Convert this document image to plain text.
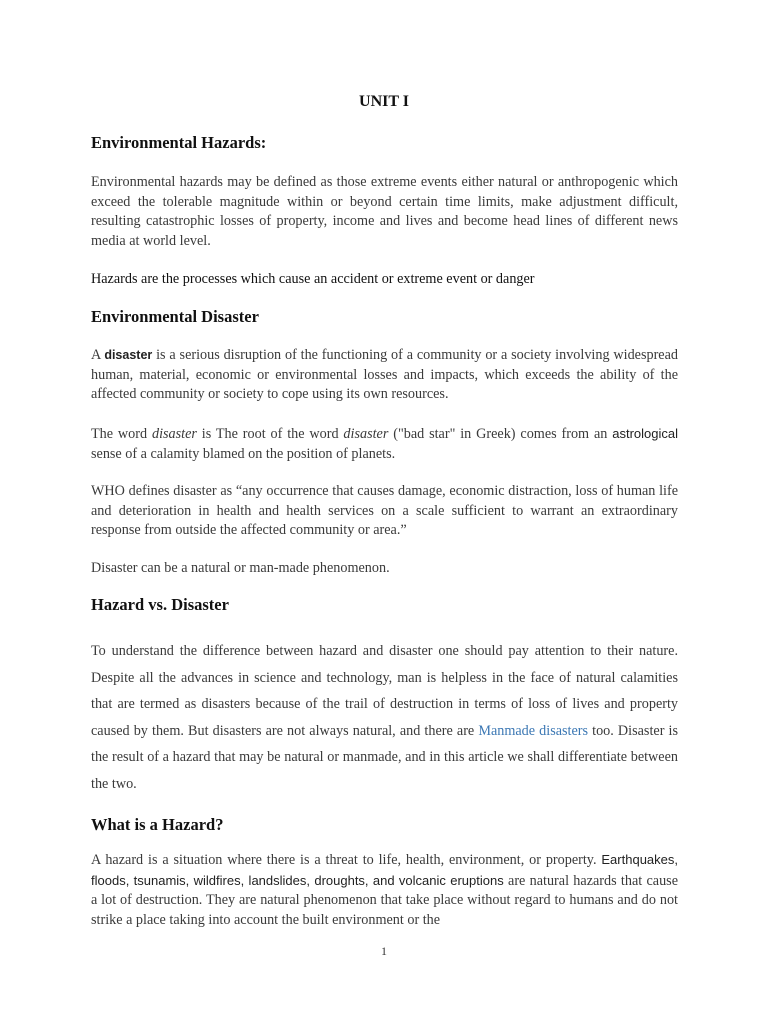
UNIT I
Environmental Hazards:

Environmental hazards may be defined as those extreme events either natural or anthropogenic which exceed the tolerable magnitude within or beyond certain time limits, make adjustment difficult, resulting catastrophic losses of property, income and lives and become head lines of different news media at world level.

Hazards are the processes which cause an accident or extreme event or danger

Environmental Disaster

A disaster is a serious disruption of the functioning of a community or a society involving widespread human, material, economic or environmental losses and impacts, which exceeds the ability of the affected community or society to cope using its own resources.

The word disaster is The root of the word disaster ("bad star" in Greek) comes from an astrological sense of a calamity blamed on the position of planets.

WHO defines disaster as “any occurrence that causes damage, economic distraction, loss of human life and deterioration in health and health services on a scale sufficient to warrant an extraordinary response from outside the affected community or area.”

Disaster can be a natural or man-made phenomenon.

Hazard vs. Disaster

To understand the difference between hazard and disaster one should pay attention to their nature. Despite all the advances in science and technology, man is helpless in the face of natural calamities that are termed as disasters because of the trail of destruction in terms of loss of lives and property caused by them. But disasters are not always natural, and there are Manmade disasters too. Disaster is the result of a hazard that may be natural or manmade, and in this article we shall differentiate between the two.

What is a Hazard?

A hazard is a situation where there is a threat to life, health, environment, or property. Earthquakes, floods, tsunamis, wildfires, landslides, droughts, and volcanic eruptions are natural hazards that cause a lot of destruction. They are natural phenomenon that take place without regard to humans and do not strike a place taking into account the built environment or the

1
